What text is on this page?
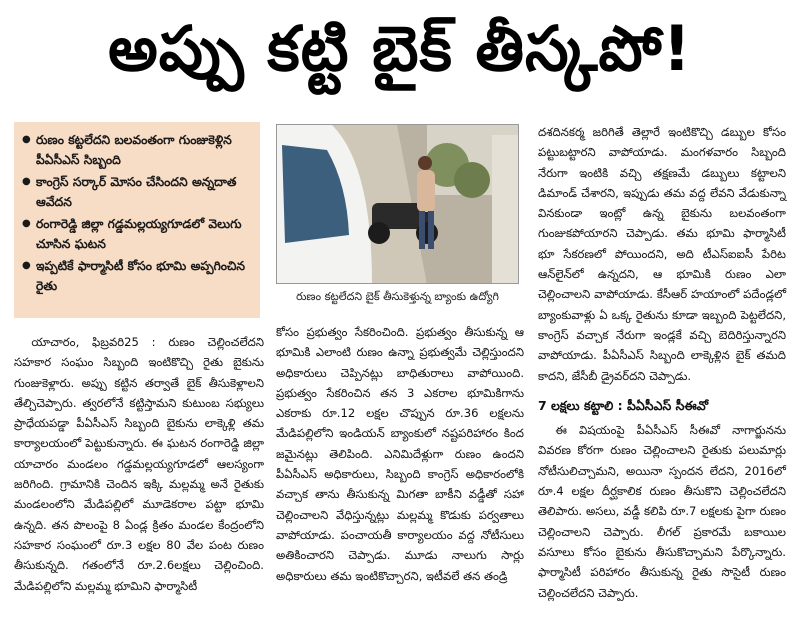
అప్పు కట్టి బైక్ తీస్కపో!
● రుణం కట్టలేదని బలవంతంగా గుంజుకెళ్లిన పీఏసీఎస్ సిబ్బంది
● కాంగ్రెస్ సర్కార్ మోసం చేసిందని అన్నదాత ఆవేదన
● రంగారెడ్డి జిల్లా గడ్డమల్లయ్యగూడలో వెలుగు చూసిన ఘటన
● ఇప్పటికే ఫార్మాసిటీ కోసం భూమి అప్పగించిన రైతు
రుణం కట్టలేదని బైక్ తీసుకెళ్తున్న బ్యాంకు ఉద్యోగి

యాచారం, ఫిబ్రవరి25 : రుణం చెల్లించలేదని సహకార సంఘం సిబ్బంది ఇంటికొచ్చి రైతు బైకును గుంజుకెళ్లారు. అప్పు కట్టిన తర్వాతే బైక్ తీసుకెళ్లాలని తేల్చిచెప్పారు. త్వరలోనే కట్టిస్తామని కుటుంబ సభ్యులు ప్రాధేయపడ్డా పీఏసీఎస్ సిబ్బంది బైకును లాక్కెళ్లి తమ కార్యాలయంలో పెట్టుకున్నారు. ఈ ఘటన రంగారెడ్డి జిల్లా యాచారం మండలం గడ్డమల్లయ్యగూడలో ఆలస్యంగా జరిగింది. గ్రామానికి చెందిన ఇక్కి మల్లమ్మ అనే రైతుకు మండలంలోని మేడిపల్లిలో మూడెకరాల పట్టా భూమి ఉన్నది. తన పొలంపై 8 ఏండ్ల క్రితం మండల కేంద్రంలోని సహకార సంఘంలో రూ.3 లక్షల 80 వేల పంట రుణం తీసుకున్నది. గతంలోనే రూ.2.6లక్షలు చెల్లించింది. మేడిపల్లిలోని మల్లమ్మ భూమిని ఫార్మాసిటీ

కోసం ప్రభుత్వం సేకరించింది. ప్రభుత్వం తీసుకున్న ఆ భూమికి ఎలాంటి రుణం ఉన్నా ప్రభుత్వమే చెల్లిస్తుందని అధికారులు చెప్పినట్లు బాధితురాలు వాపోయింది. ప్రభుత్వం సేకరించిన తన 3 ఎకరాల భూమికిగాను ఎకరాకు రూ.12 లక్షల చొప్పున రూ.36 లక్షలను మేడిపల్లిలోని ఇండియన్ బ్యాంకులో నష్టపరిహారం కింద జమైనట్లు తెలిపింది. ఎనిమిదేళ్లుగా రుణం ఉందని పీఏసీఎస్ అధికారులు, సిబ్బంది కాంగ్రెస్ అధికారంలోకి వచ్చాక తాను తీసుకున్న మిగతా బాకీని వడ్డీతో సహా చెల్లించాలని వేధిస్తున్నట్లు మల్లమ్మ కొడుకు పర్వతాలు వాపోయాడు. పంచాయతీ కార్యాలయం వద్ద నోటీసులు అతికించారని చెప్పాడు. మూడు నాలుగు సార్లు అధికారులు తమ ఇంటికొచ్చారని, ఇటీవలే తన తండ్రి

దశదినకర్మ జరిగితే తెల్లారే ఇంటికొచ్చి డబ్బుల కోసం పట్టుబట్టారని వాపోయాడు. మంగళవారం సిబ్బంది నేరుగా ఇంటికి వచ్చి తక్షణమే డబ్బులు కట్టాలని డిమాండ్ చేశారని, ఇప్పుడు తమ వద్ద లేవని వేడుకున్నా వినకుండా ఇంట్లో ఉన్న బైకును బలవంతంగా గుంజుకపోయారని చెప్పాడు. తమ భూమి ఫార్మాసిటీ భూ సేకరణలో పోయిందని, అది టీఎస్ఐఐసీ పేరిట ఆన్‌లైన్‌లో ఉన్నదని, ఆ భూమికి రుణం ఎలా చెల్లించాలని వాపోయాడు. కేసీఆర్ హయాంలో పదేండ్లలో బ్యాంకువాళ్లు ఏ ఒక్క రైతును కూడా ఇబ్బంది పెట్టలేదని, కాంగ్రెస్ వచ్చాక నేరుగా ఇండ్లకే వచ్చి బెదిరిస్తున్నారని వాపోయాడు. పీఏసీఎస్ సిబ్బంది లాక్కెళ్లిన బైక్ తమది కాదని, జేసీబీ డ్రైవర్‌దని చెప్పాడు.

7 లక్షలు కట్టాలి : పీఏసీఎస్ సీఈవో

ఈ విషయంపై పీఏసీఎస్ సీఈవో నాగార్జునను వివరణ కోరగా రుణం చెల్లించాలని రైతుకు పలుమార్లు నోటీసులిచ్చామని, అయినా స్పందన లేదని, 2016లో రూ.4 లక్షల దీర్ఘకాలిక రుణం తీసుకొని చెల్లించలేదని తెలిపారు. అసలు, వడ్డీ కలిపి రూ.7 లక్షలకు పైగా రుణం చెల్లించాలని చెప్పారు. లీగల్ ప్రకారమే బకాయిల వసూలు కోసం బైకును తీసుకొచ్చామని పేర్కొన్నారు. ఫార్మాసిటీ పరిహారం తీసుకున్న రైతు సొసైటీ రుణం చెల్లించలేదని చెప్పారు.
